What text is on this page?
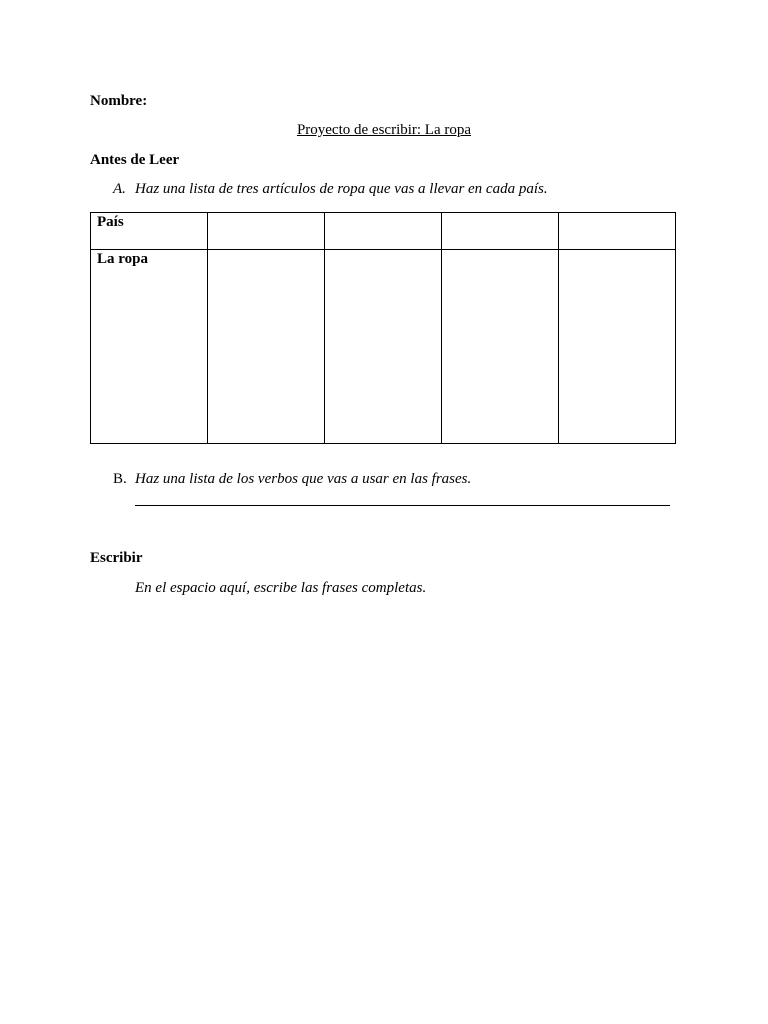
Nombre:
Proyecto de escribir: La ropa
Antes de Leer
A. Haz una lista de tres artículos de ropa que vas a llevar en cada país.
País				
La ropa				
B. Haz una lista de los verbos que vas a usar en las frases.
Escribir
En el espacio aquí, escribe las frases completas.
